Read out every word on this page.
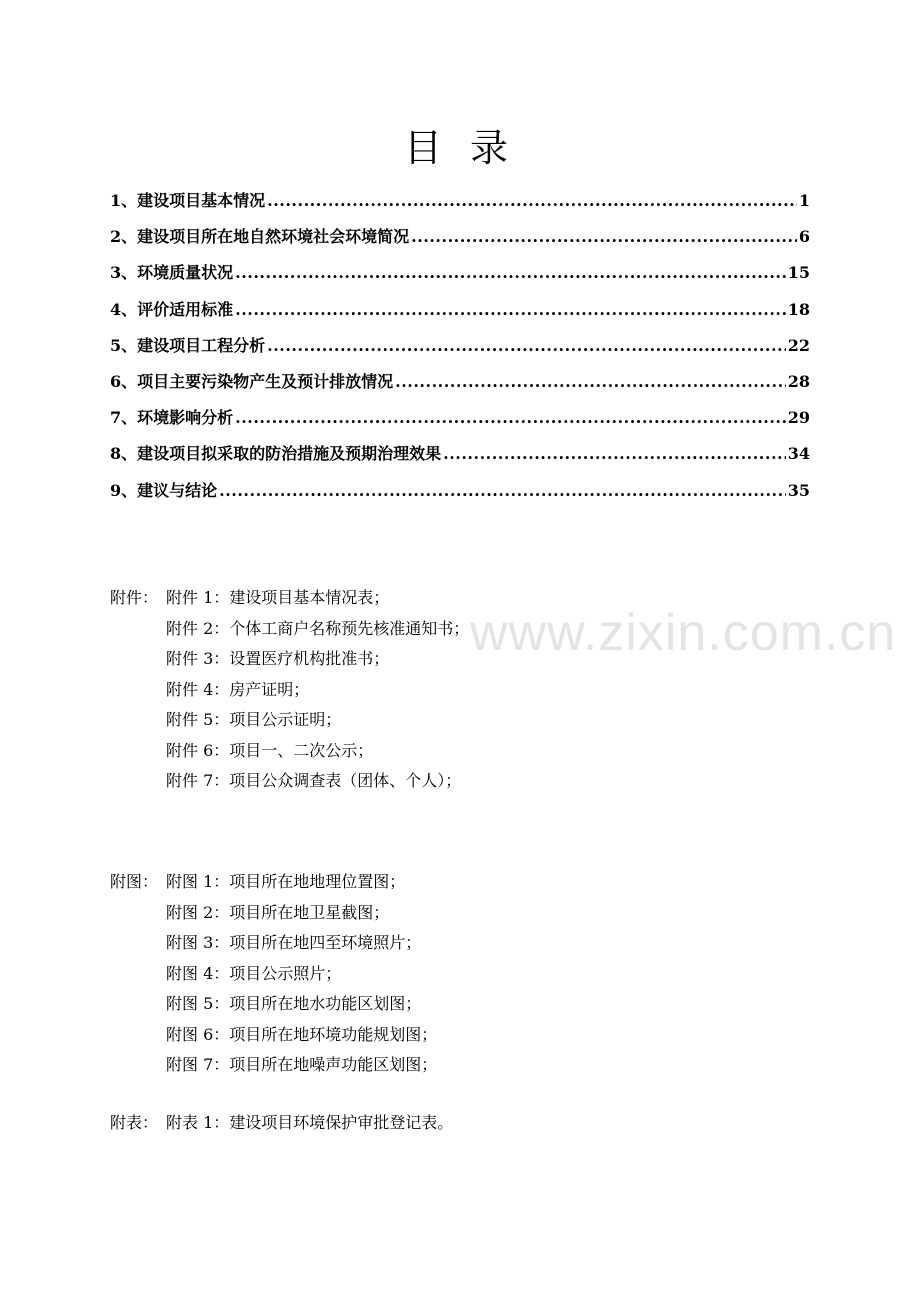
www.zixin.com.cn
目 录
1、建设项目基本情况 .....	1
2、建设项目所在地自然环境社会环境简况 .....	6
3、环境质量状况 .....	15
4、评价适用标准 .....	18
5、建设项目工程分析 .....	22
6、项目主要污染物产生及预计排放情况 .....	28
7、环境影响分析 .....	29
8、建设项目拟采取的防治措施及预期治理效果 .....	34
9、建议与结论 .....	35
附件： 附件 1：建设项目基本情况表；
附件 2：个体工商户名称预先核准通知书；
附件 3：设置医疗机构批准书；
附件 4：房产证明；
附件 5：项目公示证明；
附件 6：项目一、二次公示；
附件 7：项目公众调查表（团体、个人）；
附图： 附图 1：项目所在地地理位置图；
附图 2：项目所在地卫星截图；
附图 3：项目所在地四至环境照片；
附图 4：项目公示照片；
附图 5：项目所在地水功能区划图；
附图 6：项目所在地环境功能规划图；
附图 7：项目所在地噪声功能区划图；
附表： 附表 1：建设项目环境保护审批登记表。
